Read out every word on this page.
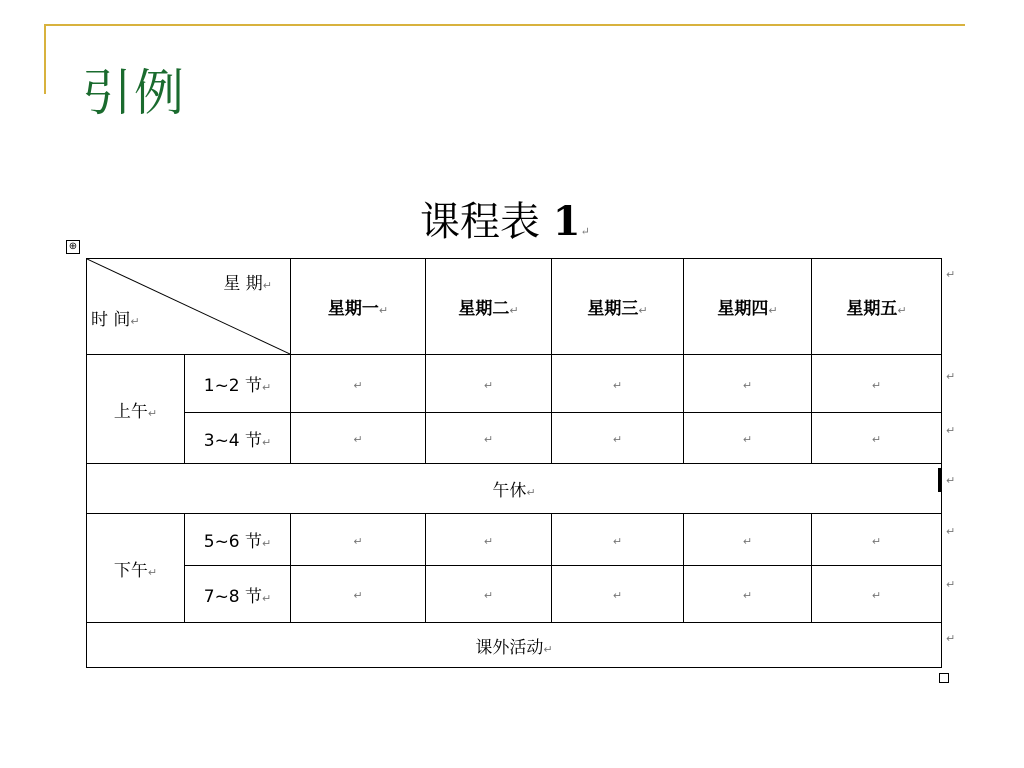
引例
课程表 1↵
⊕
星 期↵
时 间↵		星期一↵	星期二↵	星期三↵	星期四↵	星期五↵
上午↵	1~2 节↵	↵	↵	↵	↵	↵
	3~4 节↵	↵	↵	↵	↵	↵
午休↵						
下午↵	5~6 节↵	↵	↵	↵	↵	↵
	7~8 节↵	↵	↵	↵	↵	↵
课外活动↵						
↵
↵
↵
↵
↵
↵
↵
